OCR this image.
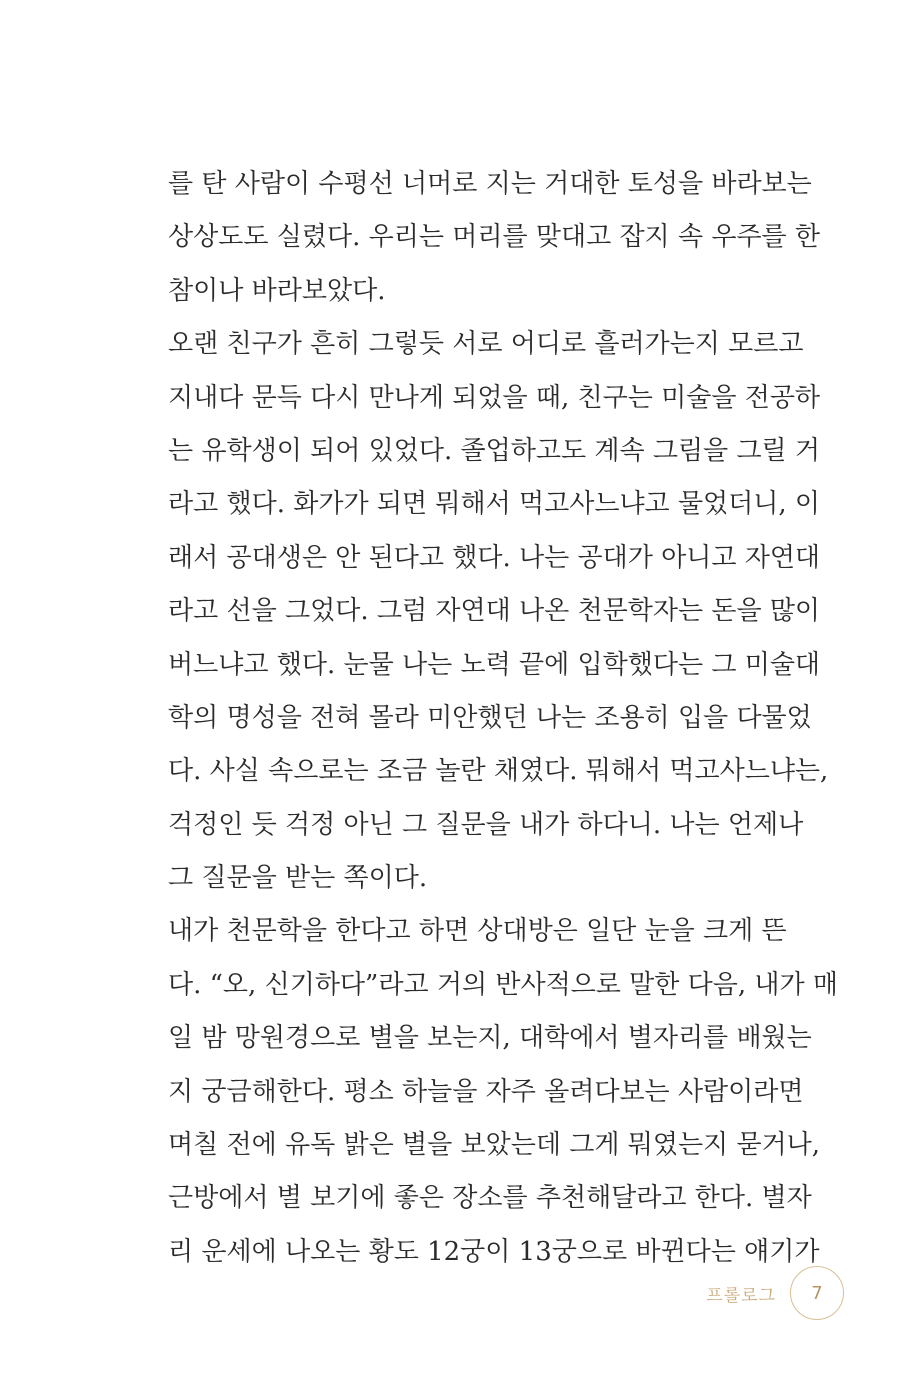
를 탄 사람이 수평선 너머로 지는 거대한 토성을 바라보는
상상도도 실렸다. 우리는 머리를 맞대고 잡지 속 우주를 한
참이나 바라보았다.
오랜 친구가 흔히 그렇듯 서로 어디로 흘러가는지 모르고
지내다 문득 다시 만나게 되었을 때, 친구는 미술을 전공하
는 유학생이 되어 있었다. 졸업하고도 계속 그림을 그릴 거
라고 했다. 화가가 되면 뭐해서 먹고사느냐고 물었더니, 이
래서 공대생은 안 된다고 했다. 나는 공대가 아니고 자연대
라고 선을 그었다. 그럼 자연대 나온 천문학자는 돈을 많이
버느냐고 했다. 눈물 나는 노력 끝에 입학했다는 그 미술대
학의 명성을 전혀 몰라 미안했던 나는 조용히 입을 다물었
다. 사실 속으로는 조금 놀란 채였다. 뭐해서 먹고사느냐는,
걱정인 듯 걱정 아닌 그 질문을 내가 하다니. 나는 언제나
그 질문을 받는 쪽이다.
내가 천문학을 한다고 하면 상대방은 일단 눈을 크게 뜬
다. “오, 신기하다”라고 거의 반사적으로 말한 다음, 내가 매
일 밤 망원경으로 별을 보는지, 대학에서 별자리를 배웠는
지 궁금해한다. 평소 하늘을 자주 올려다보는 사람이라면
며칠 전에 유독 밝은 별을 보았는데 그게 뭐였는지 묻거나,
근방에서 별 보기에 좋은 장소를 추천해달라고 한다. 별자
리 운세에 나오는 황도 12궁이 13궁으로 바뀐다는 얘기가
프롤로그	7
